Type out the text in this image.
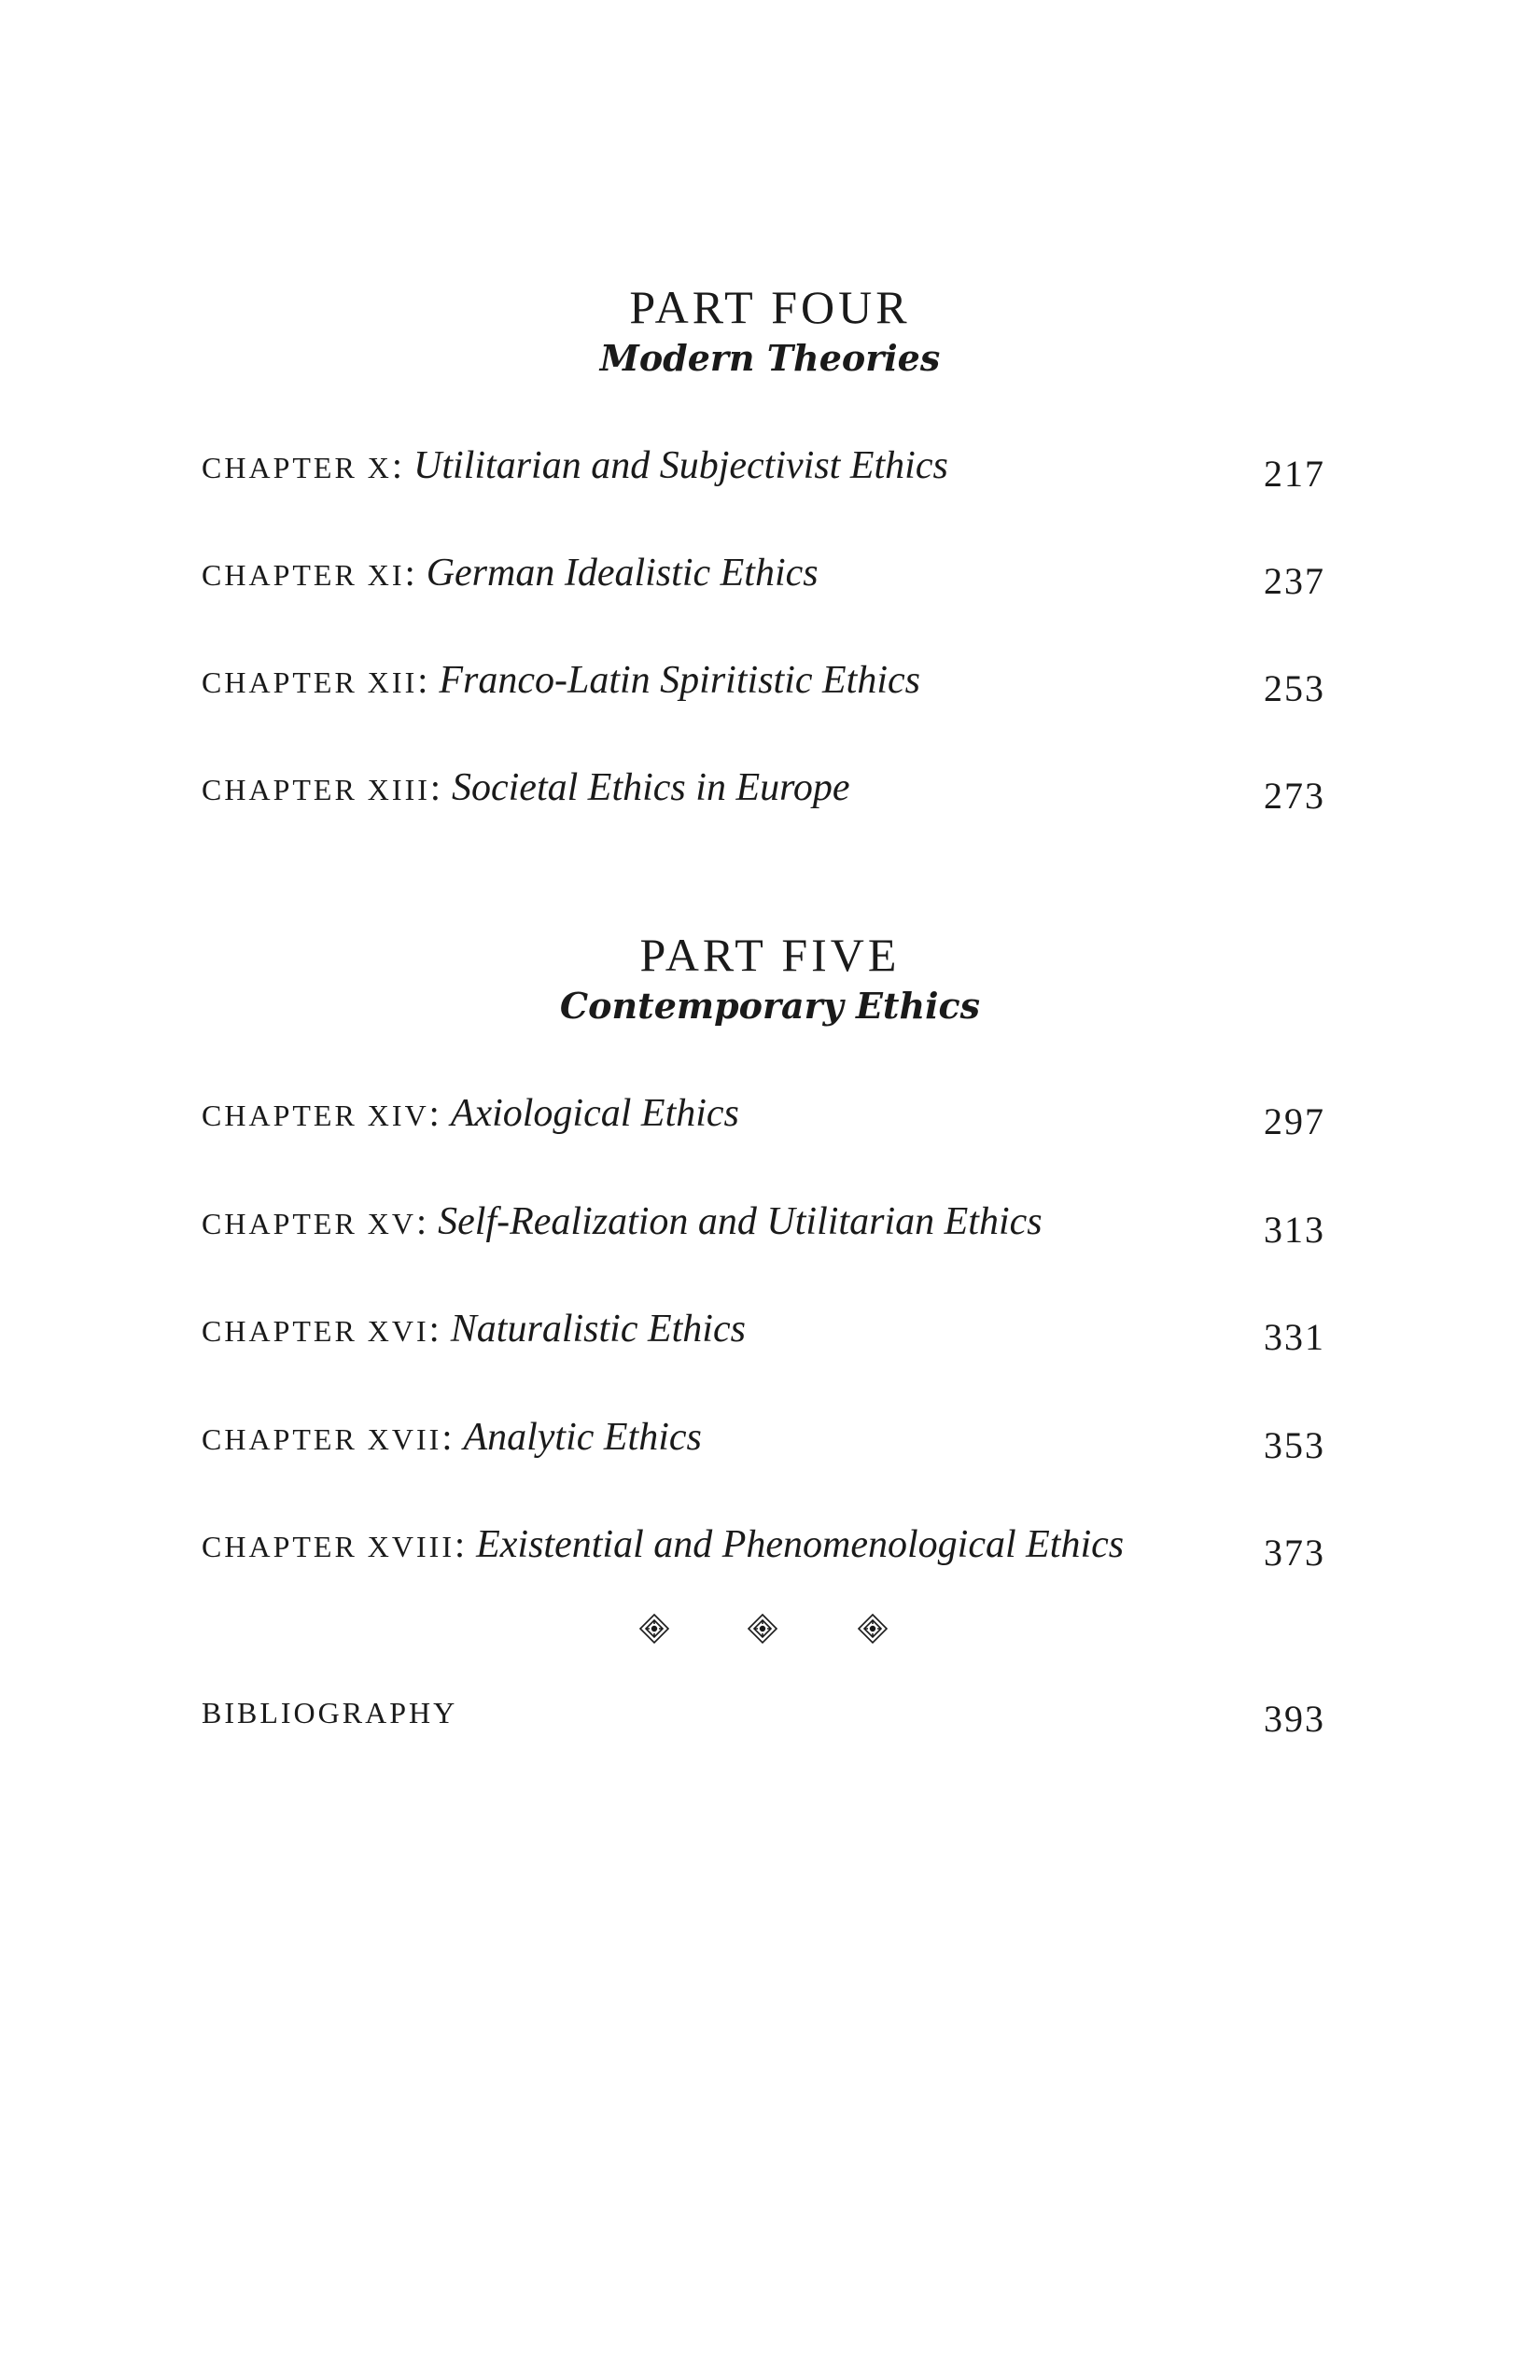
PART FOUR
Modern Theories
CHAPTER X: Utilitarian and Subjectivist Ethics	217
CHAPTER XI: German Idealistic Ethics	237
CHAPTER XII: Franco-Latin Spiritistic Ethics	253
CHAPTER XIII: Societal Ethics in Europe	273
PART FIVE
Contemporary Ethics
CHAPTER XIV: Axiological Ethics	297
CHAPTER XV: Self-Realization and Utilitarian Ethics	313
CHAPTER XVI: Naturalistic Ethics	331
CHAPTER XVII: Analytic Ethics	353
CHAPTER XVIII: Existential and Phenomenological Ethics	373
BIBLIOGRAPHY	393
